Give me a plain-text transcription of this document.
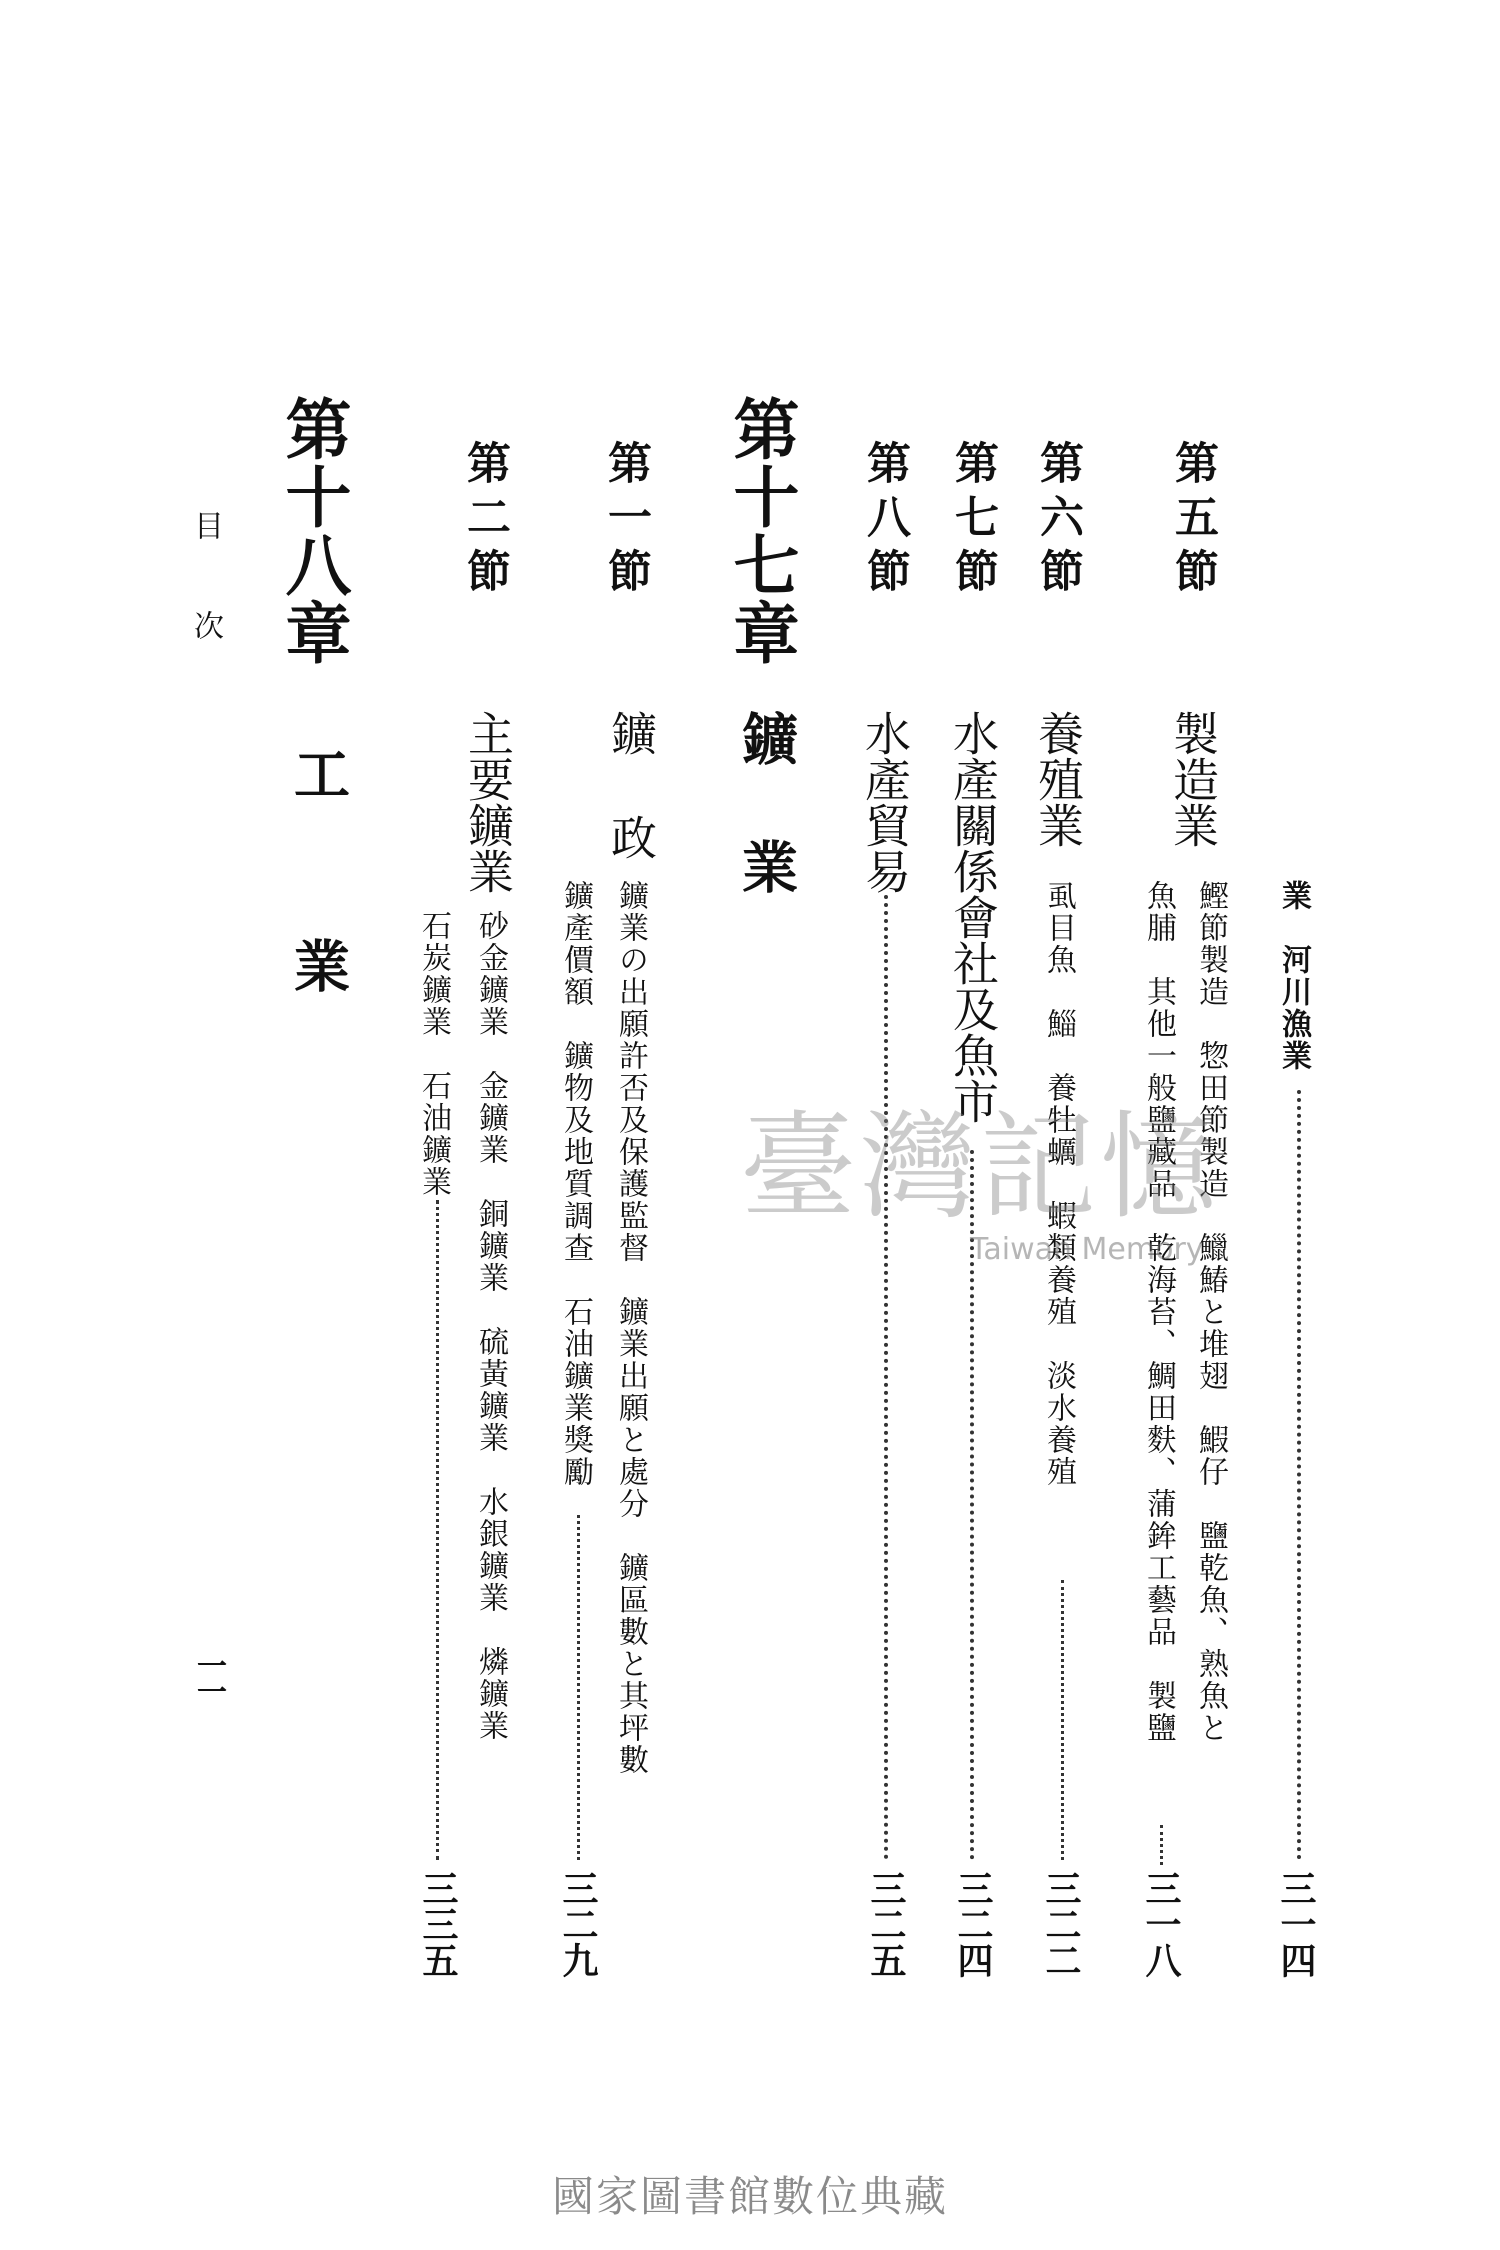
業　河川漁業
三一四
第五節
製造業
鰹節製造　惣田節製造　鱲鰆と堆翅　鰕仔　鹽乾魚、熟魚と
魚脯　其他一般鹽藏品　乾海苔、鯛田麩、蒲鉾工藝品　製鹽
三一八
第六節
養殖業
虱目魚　鯔　養牡蠣　蝦類養殖　淡水養殖
三二二
第七節
水產關係會社及魚市
三二四
第八節
水產貿易
三二五
第十七章
鑛　業
第一節
鑛　政
鑛業の出願許否及保護監督　鑛業出願と處分　鑛區數と其坪數
鑛產價額　鑛物及地質調查　石油鑛業獎勵
三二九
第二節
主要鑛業
砂金鑛業　金鑛業　銅鑛業　硫黃鑛業　水銀鑛業　燐鑛業
石炭鑛業　石油鑛業
三三五
第十八章
工　業
目　次
一一
臺灣記憶
Taiwan Memory
國家圖書館數位典藏
